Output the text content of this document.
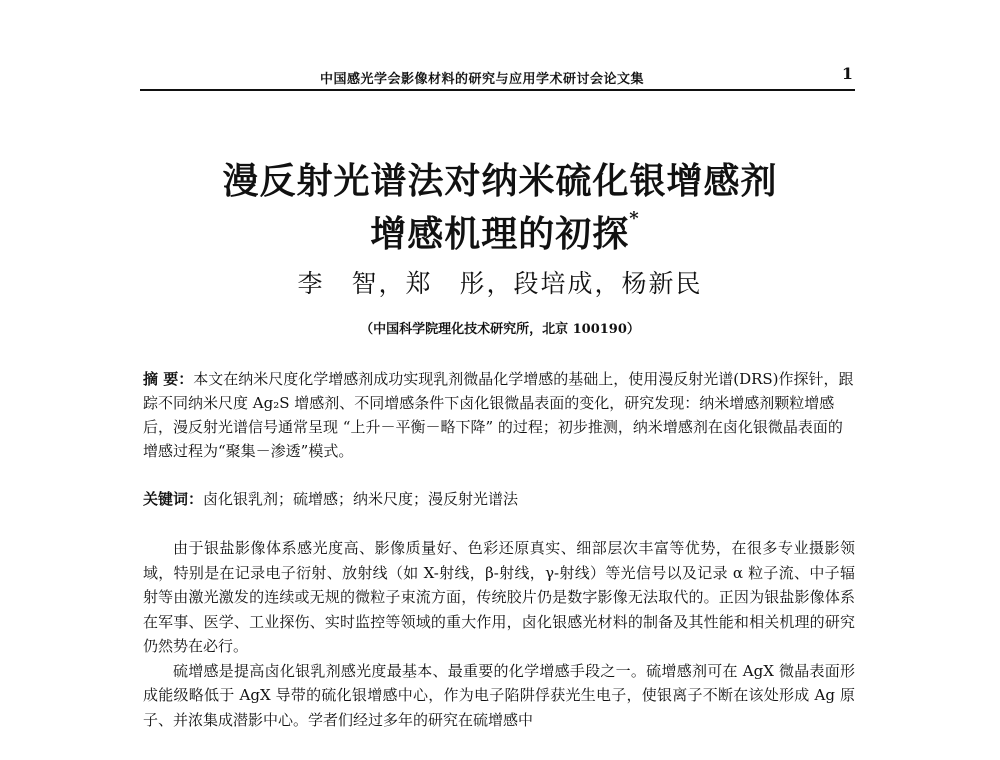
中国感光学会影像材料的研究与应用学术研讨会论文集	1
漫反射光谱法对纳米硫化银增感剂
增感机理的初探*
李　智，郑　彤，段培成，杨新民
（中国科学院理化技术研究所，北京 100190）
摘 要：本文在纳米尺度化学增感剂成功实现乳剂微晶化学增感的基础上，使用漫反射光谱(DRS)作探针，跟踪不同纳米尺度 Ag₂S 增感剂、不同增感条件下卤化银微晶表面的变化，研究发现：纳米增感剂颗粒增感后，漫反射光谱信号通常呈现 “上升－平衡－略下降” 的过程；初步推测，纳米增感剂在卤化银微晶表面的增感过程为“聚集－渗透”模式。
关键词：卤化银乳剂；硫增感；纳米尺度；漫反射光谱法

由于银盐影像体系感光度高、影像质量好、色彩还原真实、细部层次丰富等优势，在很多专业摄影领域，特别是在记录电子衍射、放射线（如 X-射线，β-射线，γ-射线）等光信号以及记录 α 粒子流、中子辐射等由激光激发的连续或无规的微粒子束流方面，传统胶片仍是数字影像无法取代的。正因为银盐影像体系在军事、医学、工业探伤、实时监控等领域的重大作用，卤化银感光材料的制备及其性能和相关机理的研究仍然势在必行。

硫增感是提高卤化银乳剂感光度最基本、最重要的化学增感手段之一。硫增感剂可在 AgX 微晶表面形成能级略低于 AgX 导带的硫化银增感中心，作为电子陷阱俘获光生电子，使银离子不断在该处形成 Ag 原子、并浓集成潜影中心。学者们经过多年的研究在硫增感中
